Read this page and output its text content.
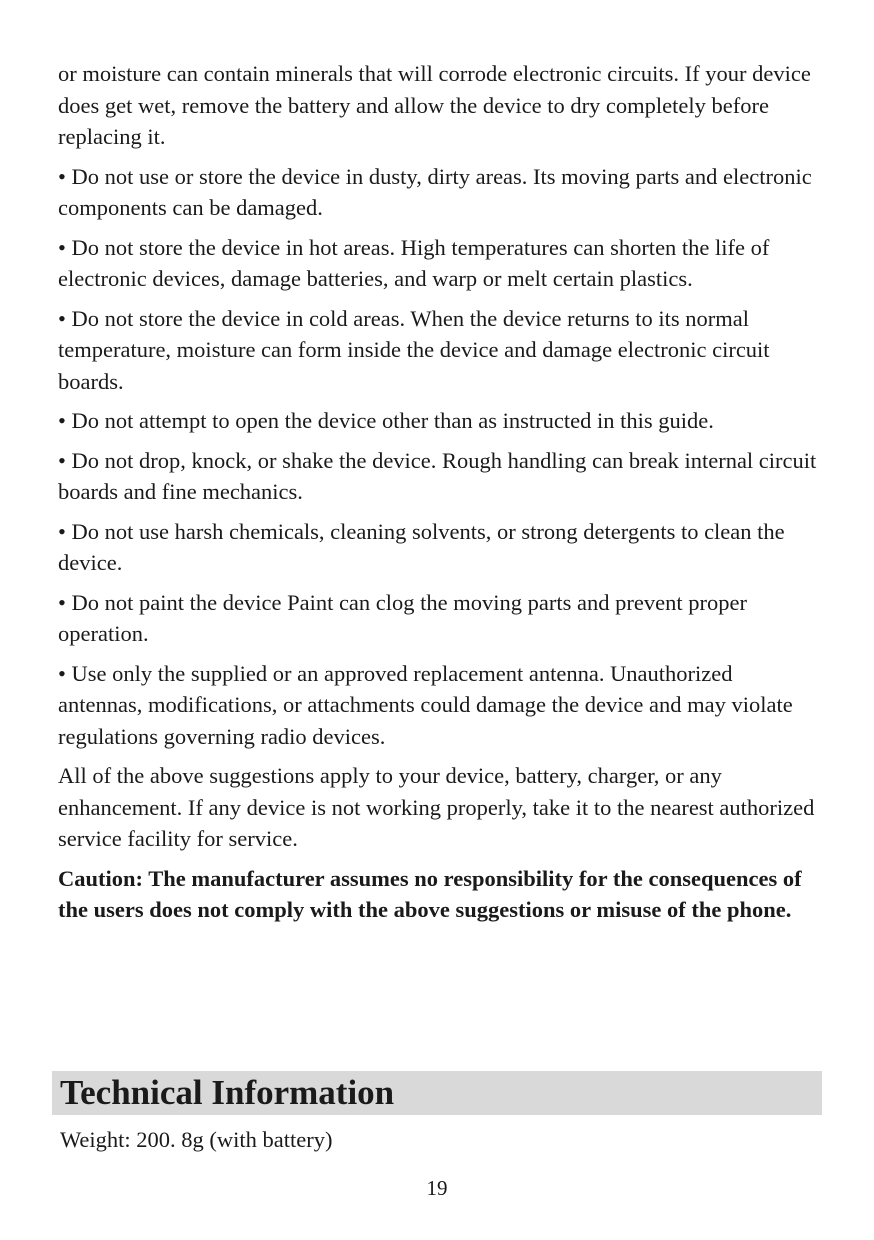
or moisture can contain minerals that will corrode electronic circuits. If your device does get wet, remove the battery and allow the device to dry completely before replacing it.

• Do not use or store the device in dusty, dirty areas. Its moving parts and electronic components can be damaged.

• Do not store the device in hot areas. High temperatures can shorten the life of electronic devices, damage batteries, and warp or melt certain plastics.

• Do not store the device in cold areas. When the device returns to its normal temperature, moisture can form inside the device and damage electronic circuit boards.

• Do not attempt to open the device other than as instructed in this guide.

• Do not drop, knock, or shake the device. Rough handling can break internal circuit boards and fine mechanics.

• Do not use harsh chemicals, cleaning solvents, or strong detergents to clean the device.

• Do not paint the device Paint can clog the moving parts and prevent proper operation.

• Use only the supplied or an approved replacement antenna. Unauthorized antennas, modifications, or attachments could damage the device and may violate regulations governing radio devices.

All of the above suggestions apply to your device, battery, charger, or any enhancement. If any device is not working properly, take it to the nearest authorized service facility for service.

Caution: The manufacturer assumes no responsibility for the consequences of the users does not comply with the above suggestions or misuse of the phone.

Technical Information

Weight: 200. 8g (with battery)

19
